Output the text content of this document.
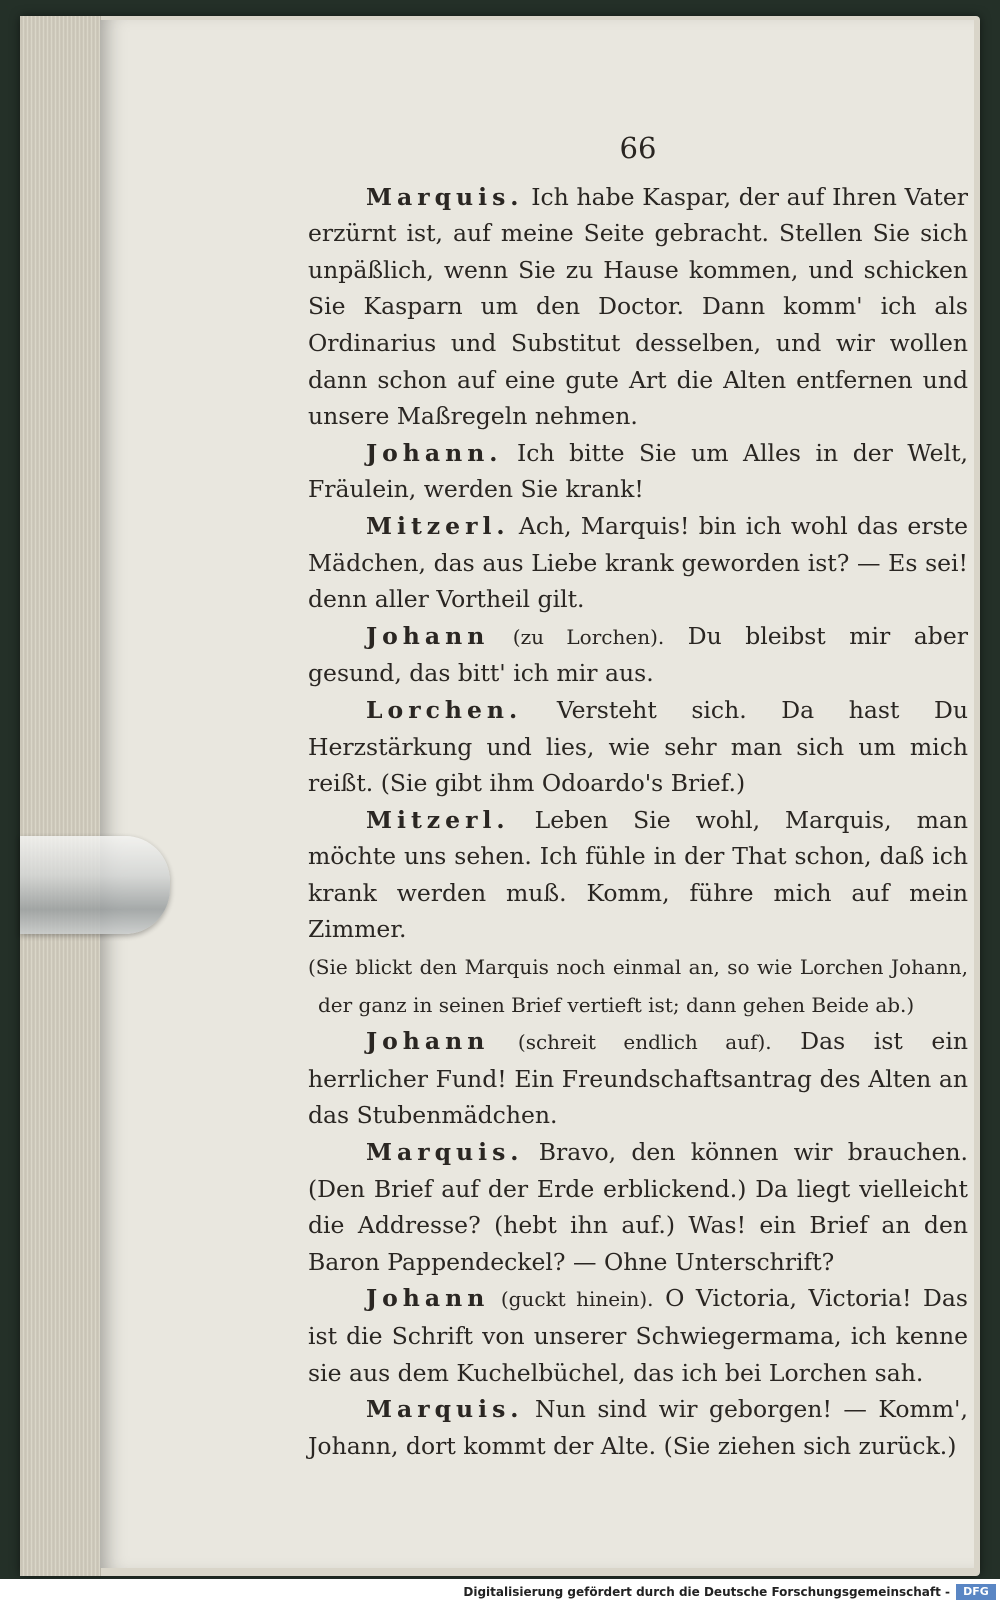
66

Marquis. Ich habe Kaspar, der auf Ihren Vater erzürnt ist, auf meine Seite gebracht. Stellen Sie sich unpäßlich, wenn Sie zu Hause kommen, und schicken Sie Kasparn um den Doctor. Dann komm' ich als Ordinarius und Substitut desselben, und wir wollen dann schon auf eine gute Art die Alten entfernen und unsere Maßregeln nehmen.

Johann. Ich bitte Sie um Alles in der Welt, Fräulein, werden Sie krank!

Mitzerl. Ach, Marquis! bin ich wohl das erste Mädchen, das aus Liebe krank geworden ist? — Es sei! denn aller Vortheil gilt.

Johann (zu Lorchen). Du bleibst mir aber gesund, das bitt' ich mir aus.

Lorchen. Versteht sich. Da hast Du Herzstärkung und lies, wie sehr man sich um mich reißt. (Sie gibt ihm Odoardo's Brief.)

Mitzerl. Leben Sie wohl, Marquis, man möchte uns sehen. Ich fühle in der That schon, daß ich krank werden muß. Komm, führe mich auf mein Zimmer.

(Sie blickt den Marquis noch einmal an, so wie Lorchen Johann, der ganz in seinen Brief vertieft ist; dann gehen Beide ab.)

Johann (schreit endlich auf). Das ist ein herrlicher Fund! Ein Freundschaftsantrag des Alten an das Stubenmädchen.

Marquis. Bravo, den können wir brauchen. (Den Brief auf der Erde erblickend.) Da liegt vielleicht die Addresse? (hebt ihn auf.) Was! ein Brief an den Baron Pappendeckel? — Ohne Unterschrift?

Johann (guckt hinein). O Victoria, Victoria! Das ist die Schrift von unserer Schwiegermama, ich kenne sie aus dem Kuchelbüchel, das ich bei Lorchen sah.

Marquis. Nun sind wir geborgen! — Komm', Johann, dort kommt der Alte. (Sie ziehen sich zurück.)

Digitalisierung gefördert durch die Deutsche Forschungsgemeinschaft -	DFG
